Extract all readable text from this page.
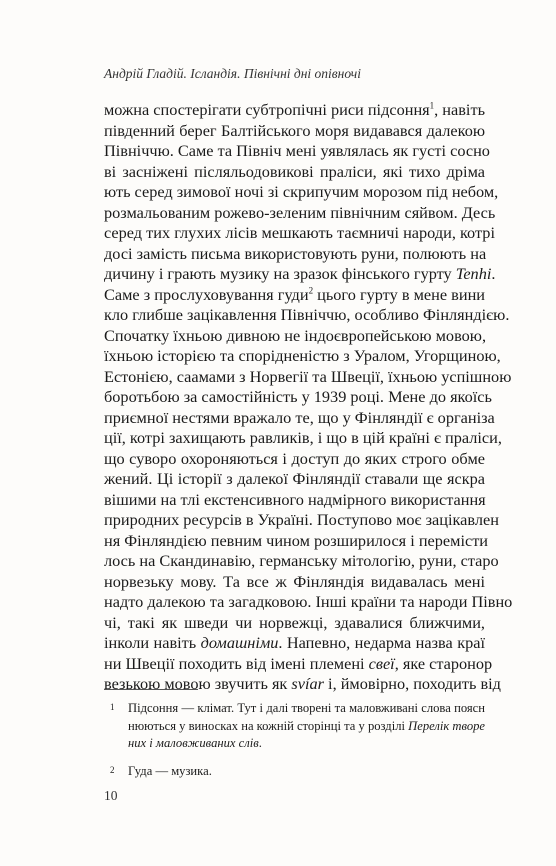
Андрій Гладій. Ісландія. Північні дні опівночі
можна спостерігати субтропічні риси підсоння$^1$, навіть
південний берег Балтійського моря видавався далекою
Північчю. Саме та Північ мені уявлялась як густі сосно
ві засніжені післяльодовикові праліси, які тихо дріма
ють серед зимової ночі зі скрипучим морозом під небом,
розмальованим рожево-зеленим північним сяйвом. Десь
серед тих глухих лісів мешкають таємничі народи, котрі
досі замість письма використовують руни, полюють на
дичину і грають музику на зразок фінського гурту Tenhi.
Саме з прослуховування гуди$^2$ цього гурту в мене вини
кло глибше зацікавлення Північчю, особливо Фінляндією.
Спочатку їхньою дивною не індоєвропейською мовою,
їхньою історією та спорідненістю з Уралом, Угорщиною,
Естонією, саамами з Норвегії та Швеції, їхньою успішною
боротьбою за самостійність у 1939 році. Мене до якоїсь
приємної нестями вражало те, що у Фінляндії є організа
ції, котрі захищають равликів, і що в цій країні є праліси,
що суворо охороняються і доступ до яких строго обме
жений. Ці історії з далекої Фінляндії ставали ще яскра
вішими на тлі екстенсивного надмірного використання
природних ресурсів в Україні. Поступово моє зацікавлен
ня Фінляндією певним чином розширилося і перемісти
лось на Скандинавію, германську мітологію, руни, старо
норвезьку мову. Та все ж Фінляндія видавалась мені
надто далекою та загадковою. Інші країни та народи Півно
чі, такі як шведи чи норвежці, здавалися ближчими,
інколи навіть домашніми. Напевно, недарма назва краї
ни Швеції походить від імені племені свеї, яке старонор
везькою мовою звучить як svíar і, ймовірно, походить від
1 Підсоння — клімат. Тут і далі творені та маловживані слова поясн
нюються у виносках на кожній сторінці та у розділі Перелік творе
них і маловживаних слів.
2 Гуда — музика.
10
